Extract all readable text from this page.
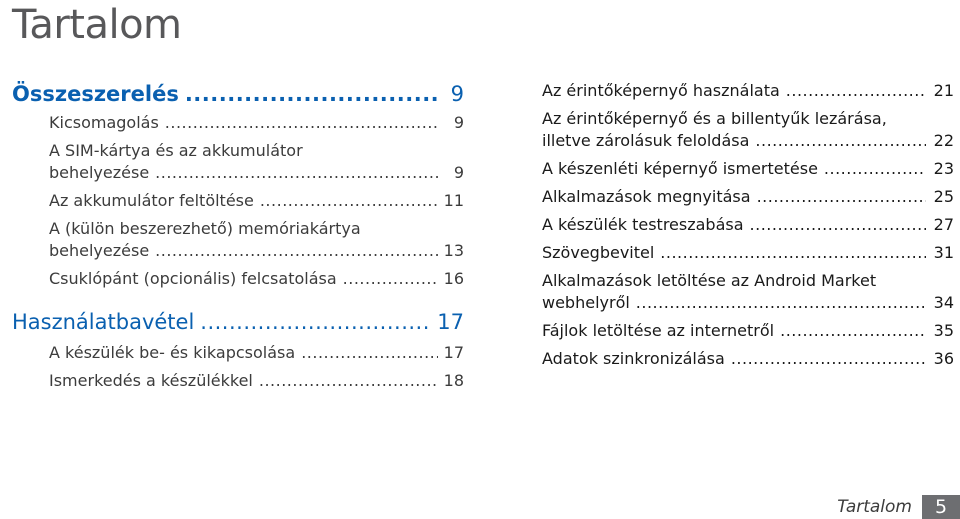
Tartalom
Összeszerelés .....	9
Kicsomagolás .....	9
A SIM-kártya és az akkumulátor
behelyezése .....	9
Az akkumulátor feltöltése .....	11
A (külön beszerezhető) memóriakártya
behelyezése .....	13
Csuklópánt (opcionális) felcsatolása .....	16
Használatbavétel .....	17
A készülék be- és kikapcsolása .....	17
Ismerkedés a készülékkel .....	18
Az érintőképernyő használata .....	21
Az érintőképernyő és a billentyűk lezárása,
illetve zárolásuk feloldása .....	22
A készenléti képernyő ismertetése .....	23
Alkalmazások megnyitása .....	25
A készülék testreszabása .....	27
Szövegbevitel .....	31
Alkalmazások letöltése az Android Market
webhelyről .....	34
Fájlok letöltése az internetről .....	35
Adatok szinkronizálása .....	36
Tartalom	5
